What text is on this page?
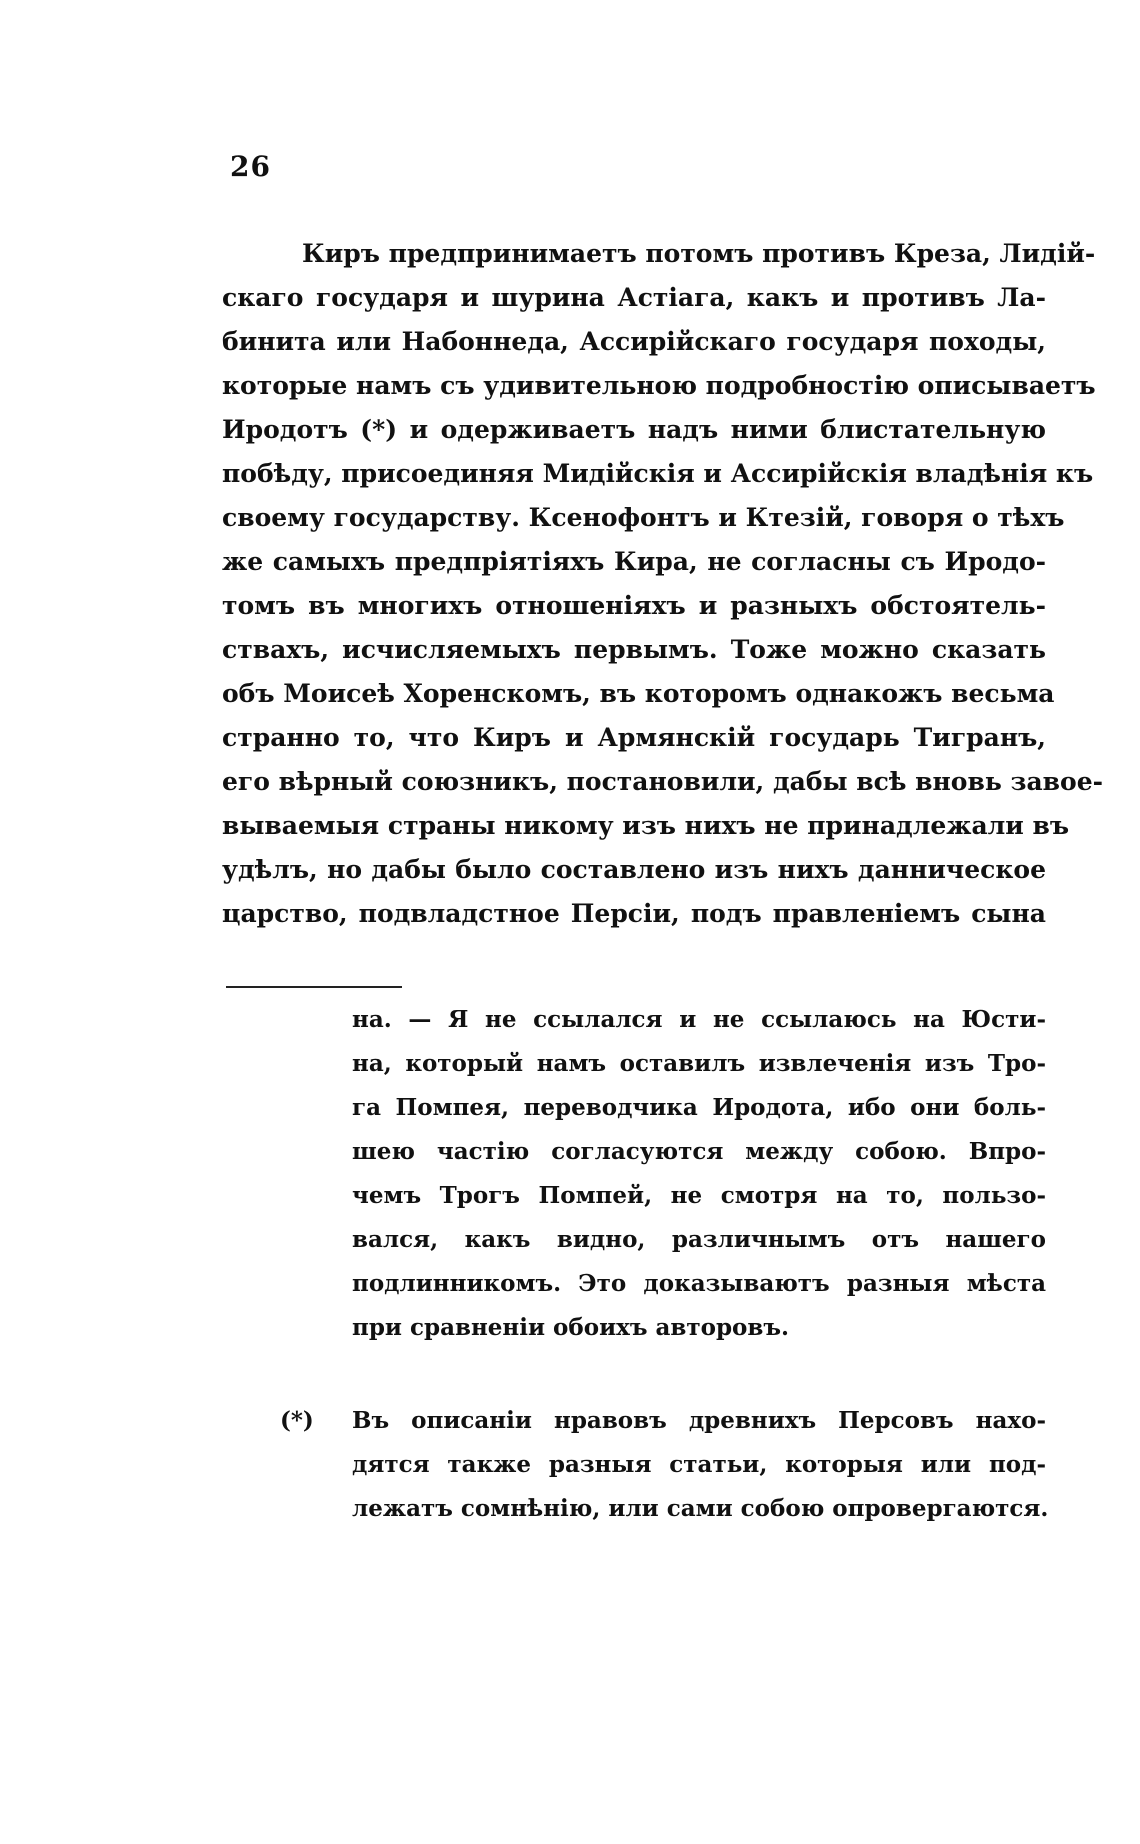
26
Киръ предпринимаетъ потомъ противъ Креза, Лидій-
скаго государя и шурина Астіага, какъ и противъ Ла-
бинита или Набоннеда, Ассирійскаго государя походы,
которые намъ съ удивительною подробностію описываетъ
Иродотъ (*) и одерживаетъ надъ ними блистательную
побѣду, присоединяя Мидійскія и Ассирійскія владѣнія къ
своему государству. Ксенофонтъ и Ктезій, говоря о тѣхъ
же самыхъ предпріятіяхъ Кира, не согласны съ Иродо-
томъ въ многихъ отношеніяхъ и разныхъ обстоятель-
ствахъ, исчисляемыхъ первымъ. Тоже можно сказать
объ Моисеѣ Хоренскомъ, въ которомъ однакожъ весьма
странно то, что Киръ и Армянскій государь Тигранъ,
его вѣрный союзникъ, постановили, дабы всѣ вновь завое-
вываемыя страны никому изъ нихъ не принадлежали въ
удѣлъ, но дабы было составлено изъ нихъ данническое
царство, подвладстное Персіи, подъ правленіемъ сына
на. — Я не ссылался и не ссылаюсь на Юсти-
на, который намъ оставилъ извлеченія изъ Тро-
га Помпея, переводчика Иродота, ибо они боль-
шею частію согласуются между собою. Впро-
чемъ Трогъ Помпей, не смотря на то, пользо-
вался, какъ видно, различнымъ отъ нашего
подлинникомъ. Это доказываютъ разныя мѣста
при сравненіи обоихъ авторовъ.
(*)	Въ описаніи нравовъ древнихъ Персовъ нахо-
дятся также разныя статьи, которыя или под-
лежатъ сомнѣнію, или сами собою опровергаются.
